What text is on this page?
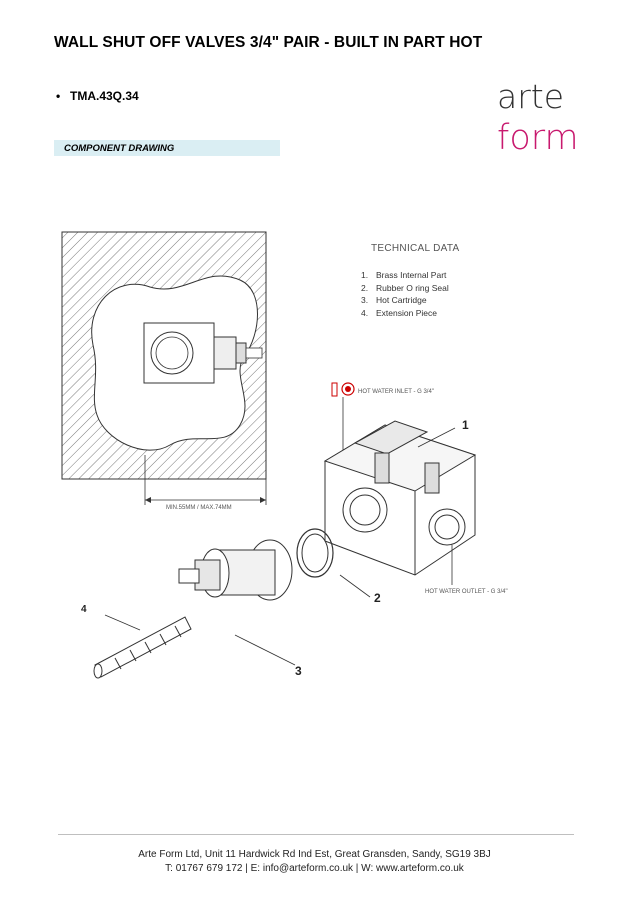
WALL SHUT OFF VALVES 3/4" PAIR - BUILT IN PART HOT
• TMA.43Q.34
COMPONENT DRAWING
arte
form
TECHNICAL DATA
1. Brass Internal Part
2. Rubber O ring Seal
3. Hot Cartridge
4. Extension Piece
HOT WATER INLET - G 3/4"
HOT WATER OUTLET - G 3/4"
MIN.55MM / MAX.74MM
1
2
3
4
Arte Form Ltd, Unit 11 Hardwick Rd Ind Est, Great Gransden, Sandy, SG19 3BJ
T: 01767 679 172 | E: info@arteform.co.uk | W: www.arteform.co.uk
